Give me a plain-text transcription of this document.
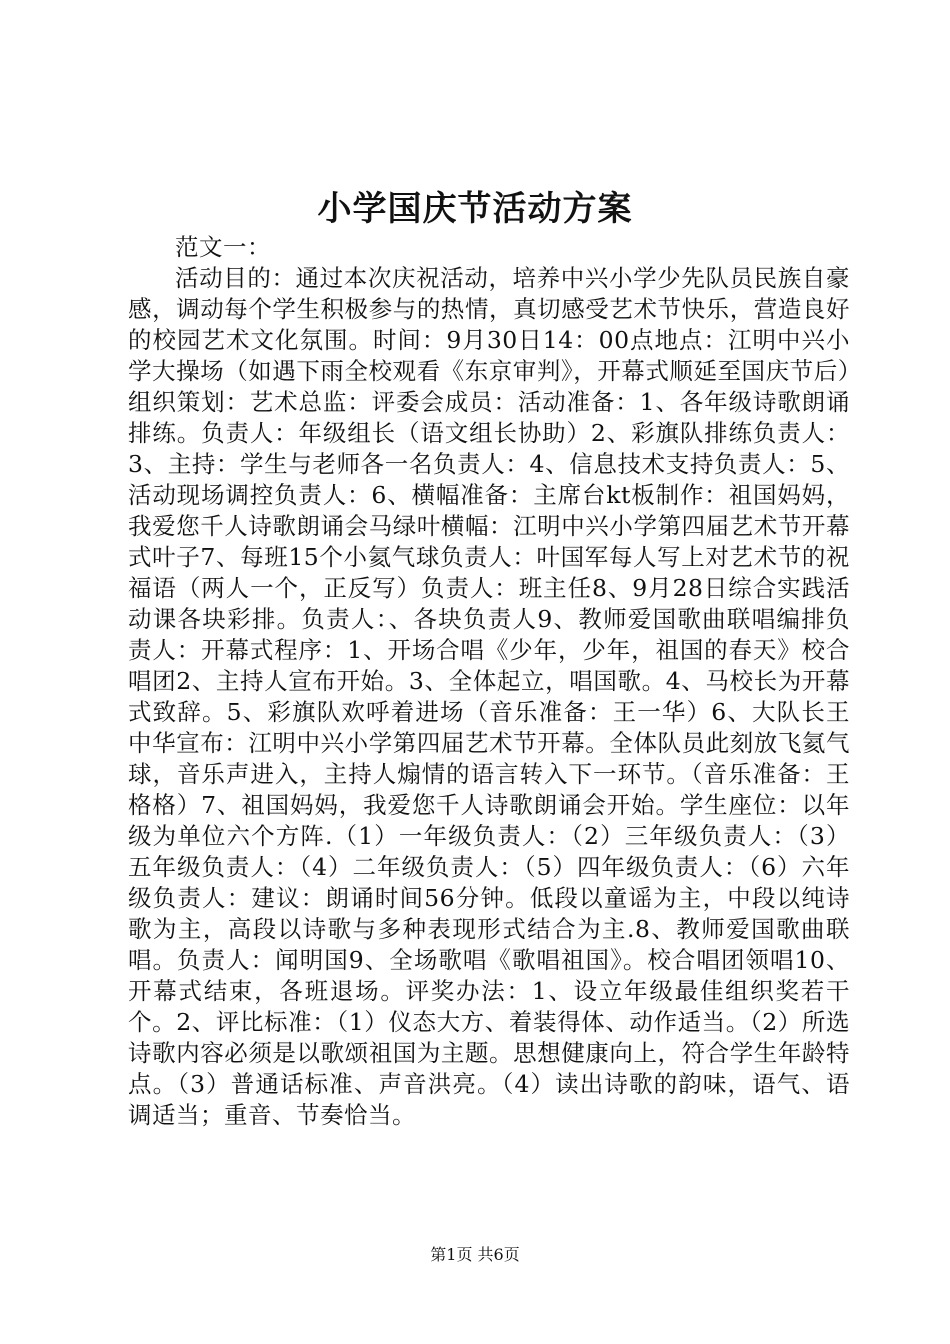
小学国庆节活动方案

范文一：

活动目的：通过本次庆祝活动，培养中兴小学少先队员民族自豪感，调动每个学生积极参与的热情，真切感受艺术节快乐，营造良好的校园艺术文化氛围。时间：9月30日14：00点地点：江明中兴小学大操场（如遇下雨全校观看《东京审判》，开幕式顺延至国庆节后）组织策划：艺术总监：评委会成员：活动准备：1、各年级诗歌朗诵排练。负责人：年级组长（语文组长协助）2、彩旗队排练负责人：3、主持：学生与老师各一名负责人：4、信息技术支持负责人：5、活动现场调控负责人：6、横幅准备：主席台kt板制作：祖国妈妈，我爱您千人诗歌朗诵会马绿叶横幅：江明中兴小学第四届艺术节开幕式叶子7、每班15个小氦气球负责人：叶国军每人写上对艺术节的祝福语（两人一个，正反写）负责人：班主任8、9月28日综合实践活动课各块彩排。负责人：、各块负责人9、教师爱国歌曲联唱编排负责人：开幕式程序：1、开场合唱《少年，少年，祖国的春天》校合唱团2、主持人宣布开始。3、全体起立，唱国歌。4、马校长为开幕式致辞。5、彩旗队欢呼着进场（音乐准备：王一华）6、大队长王中华宣布：江明中兴小学第四届艺术节开幕。全体队员此刻放飞氦气球，音乐声进入，主持人煽情的语言转入下一环节。（音乐准备：王格格）7、祖国妈妈，我爱您千人诗歌朗诵会开始。学生座位：以年级为单位六个方阵.（1）一年级负责人：（2）三年级负责人：（3）五年级负责人：（4）二年级负责人：（5）四年级负责人：（6）六年级负责人：建议：朗诵时间56分钟。低段以童谣为主，中段以纯诗歌为主，高段以诗歌与多种表现形式结合为主.8、教师爱国歌曲联唱。负责人：闻明国9、全场歌唱《歌唱祖国》。校合唱团领唱10、开幕式结束，各班退场。评奖办法：1、设立年级最佳组织奖若干个。2、评比标准：（1）仪态大方、着装得体、动作适当。（2）所选诗歌内容必须是以歌颂祖国为主题。思想健康向上，符合学生年龄特点。（3）普通话标准、声音洪亮。（4）读出诗歌的韵味，语气、语调适当；重音、节奏恰当。

第1页 共6页
